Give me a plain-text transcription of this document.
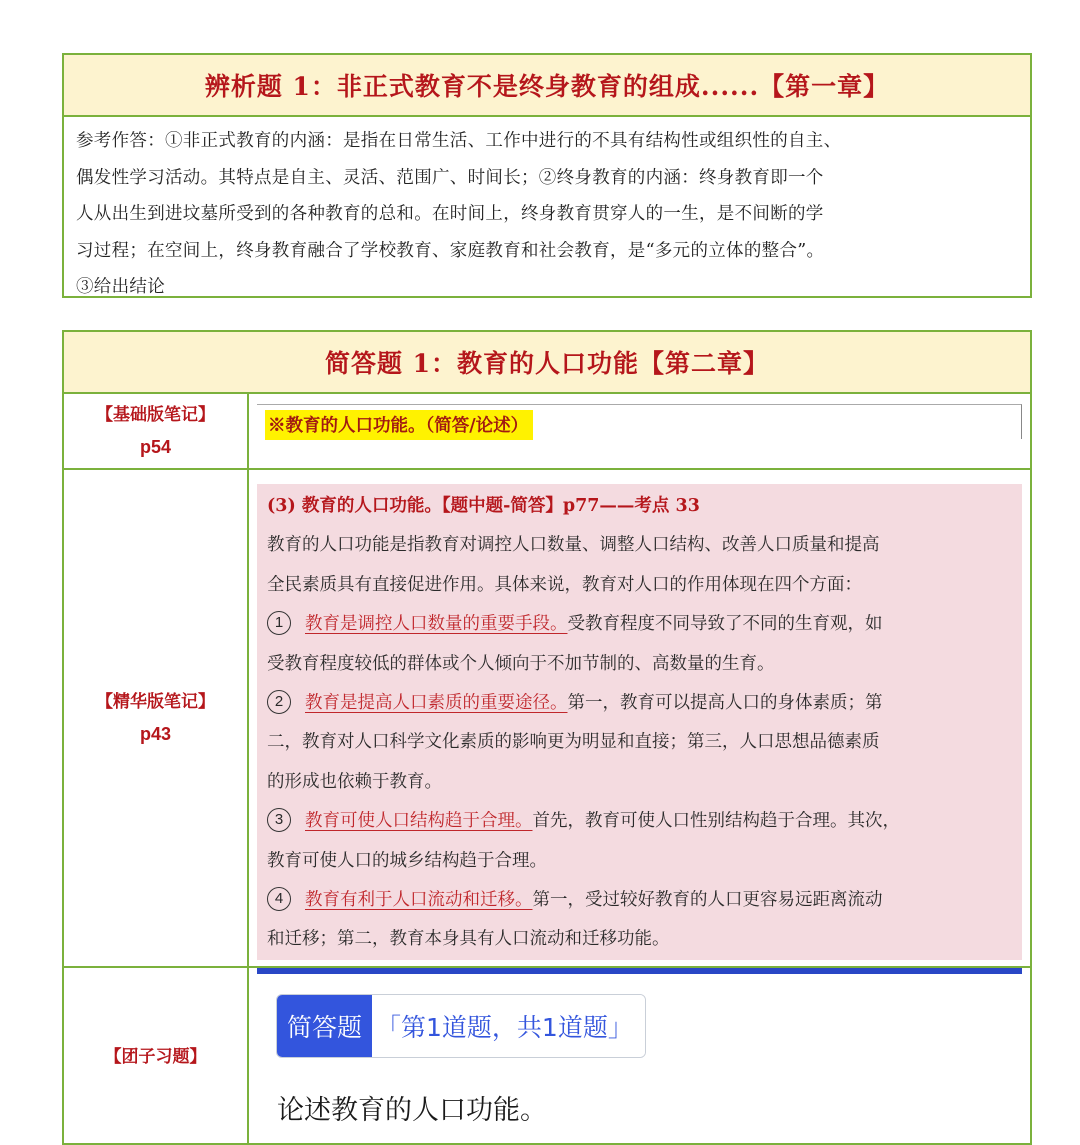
辨析题 1：非正式教育不是终身教育的组成......【第一章】
参考作答：①非正式教育的内涵：是指在日常生活、工作中进行的不具有结构性或组织性的自主、
偶发性学习活动。其特点是自主、灵活、范围广、时间长；②终身教育的内涵：终身教育即一个
人从出生到进坟墓所受到的各种教育的总和。在时间上，终身教育贯穿人的一生，是不间断的学
习过程；在空间上，终身教育融合了学校教育、家庭教育和社会教育，是“多元的立体的整合”。
③给出结论
简答题 1：教育的人口功能【第二章】
【基础版笔记】
p54
※教育的人口功能。（简答/论述）
【精华版笔记】
p43
(3) 教育的人口功能。【题中题-简答】p77——考点 33
教育的人口功能是指教育对调控人口数量、调整人口结构、改善人口质量和提高
全民素质具有直接促进作用。具体来说，教育对人口的作用体现在四个方面：
1 教育是调控人口数量的重要手段。受教育程度不同导致了不同的生育观，如
受教育程度较低的群体或个人倾向于不加节制的、高数量的生育。
2 教育是提高人口素质的重要途径。第一，教育可以提高人口的身体素质；第
二，教育对人口科学文化素质的影响更为明显和直接；第三，人口思想品德素质
的形成也依赖于教育。
3 教育可使人口结构趋于合理。首先，教育可使人口性别结构趋于合理。其次，
教育可使人口的城乡结构趋于合理。
4 教育有利于人口流动和迁移。第一，受过较好教育的人口更容易远距离流动
和迁移；第二，教育本身具有人口流动和迁移功能。
【团子习题】
简答题 「第1道题，共1道题」
论述教育的人口功能。
